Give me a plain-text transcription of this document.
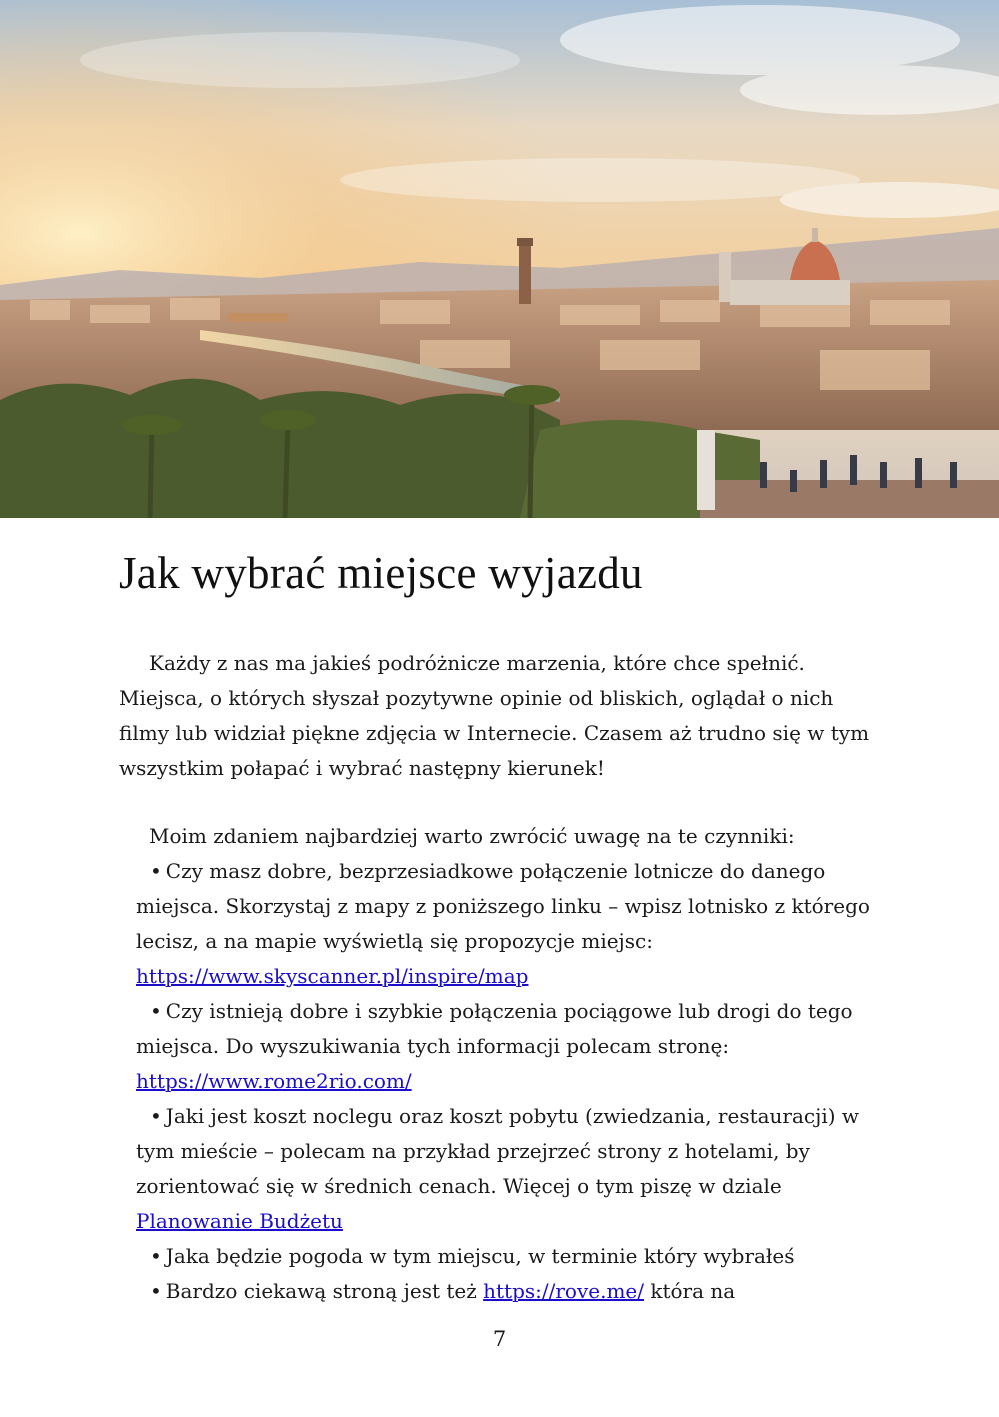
Jak wybrać miejsce wyjazdu

Każdy z nas ma jakieś podróżnicze marzenia, które chce spełnić. Miejsca, o których słyszał pozytywne opinie od bliskich, oglądał o nich filmy lub widział piękne zdjęcia w Internecie. Czasem aż trudno się w tym wszystkim połapać i wybrać następny kierunek!

Moim zdaniem najbardziej warto zwrócić uwagę na te czynniki:

• Czy masz dobre, bezprzesiadkowe połączenie lotnicze do danego miejsca. Skorzystaj z mapy z poniższego linku – wpisz lotnisko z którego lecisz, a na mapie wyświetlą się propozycje miejsc: https://www.skyscanner.pl/inspire/map

• Czy istnieją dobre i szybkie połączenia pociągowe lub drogi do tego miejsca. Do wyszukiwania tych informacji polecam stronę: https://www.rome2rio.com/

• Jaki jest koszt noclegu oraz koszt pobytu (zwiedzania, restauracji) w tym mieście – polecam na przykład przejrzeć strony z hotelami, by zorientować się w średnich cenach. Więcej o tym piszę w dziale Planowanie Budżetu

• Jaka będzie pogoda w tym miejscu, w terminie który wybrałeś

• Bardzo ciekawą stroną jest też https://rove.me/ która na

7
